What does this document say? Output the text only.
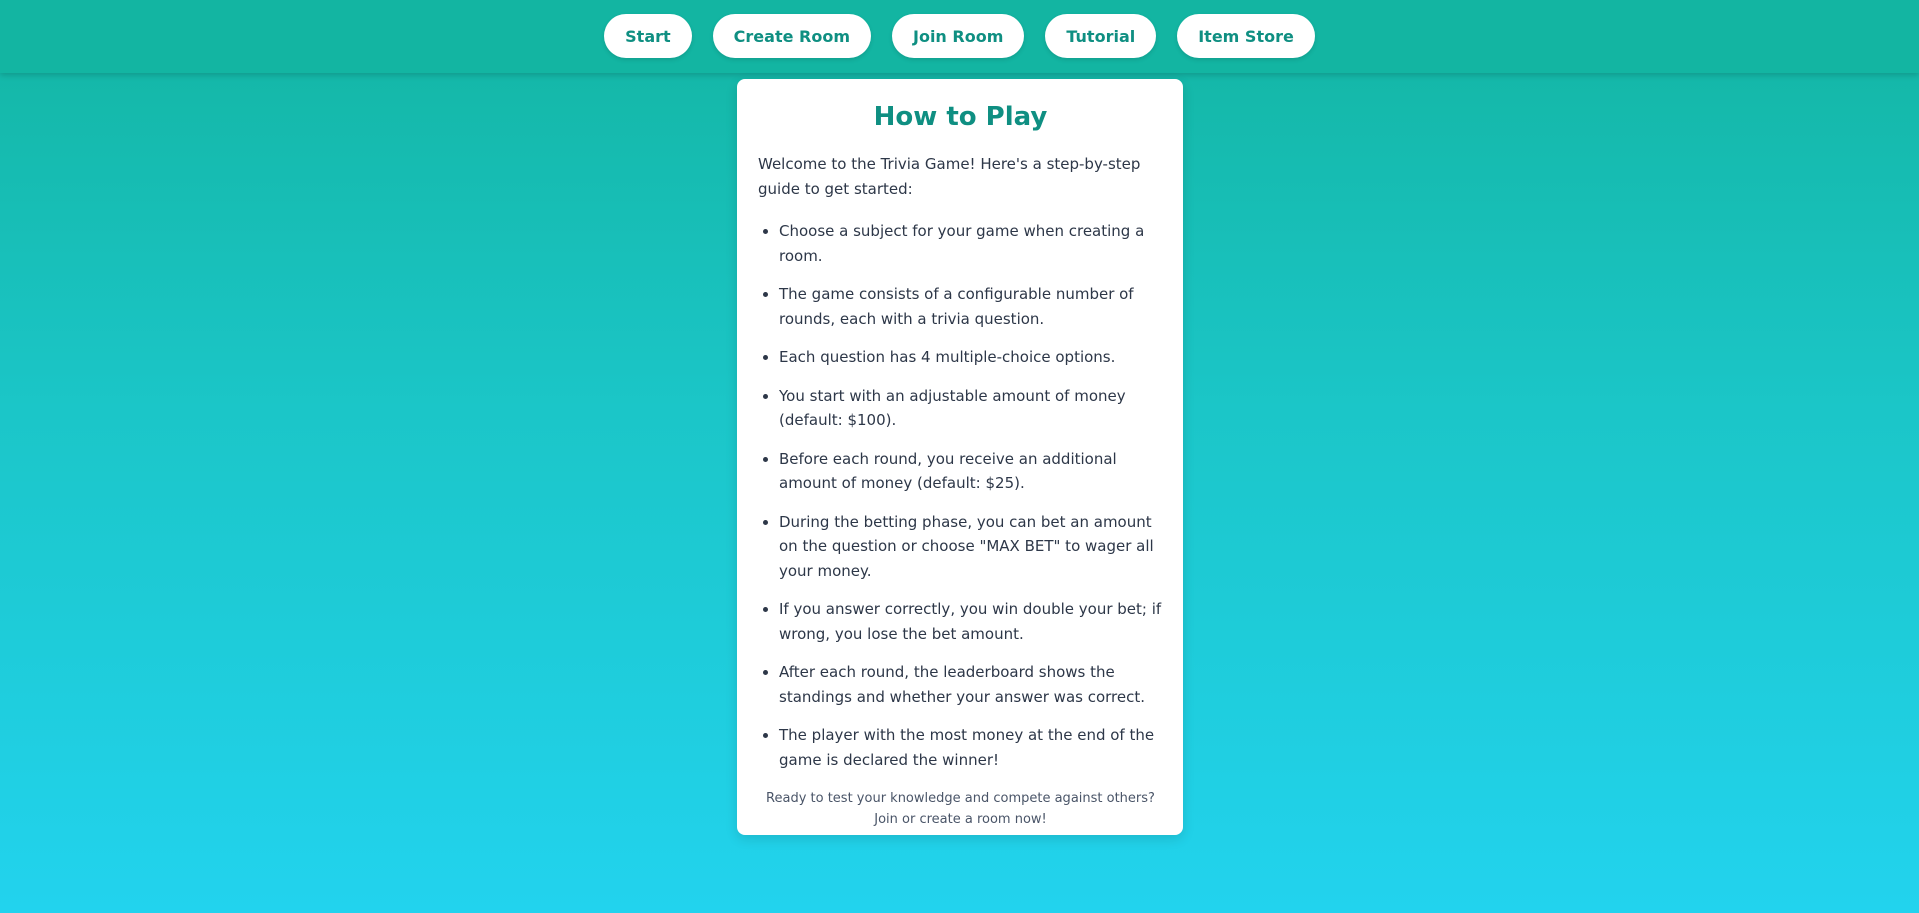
Start	Create Room	Join Room	Tutorial	Item Store
How to Play

Welcome to the Trivia Game! Here's a step-by-step guide to get started:

Choose a subject for your game when creating a room.
The game consists of a configurable number of rounds, each with a trivia question.
Each question has 4 multiple-choice options.
You start with an adjustable amount of money (default: $100).
Before each round, you receive an additional amount of money (default: $25).
During the betting phase, you can bet an amount on the question or choose "MAX BET" to wager all your money.
If you answer correctly, you win double your bet; if wrong, you lose the bet amount.
After each round, the leaderboard shows the standings and whether your answer was correct.
The player with the most money at the end of the game is declared the winner!

Ready to test your knowledge and compete against others? Join or create a room now!
